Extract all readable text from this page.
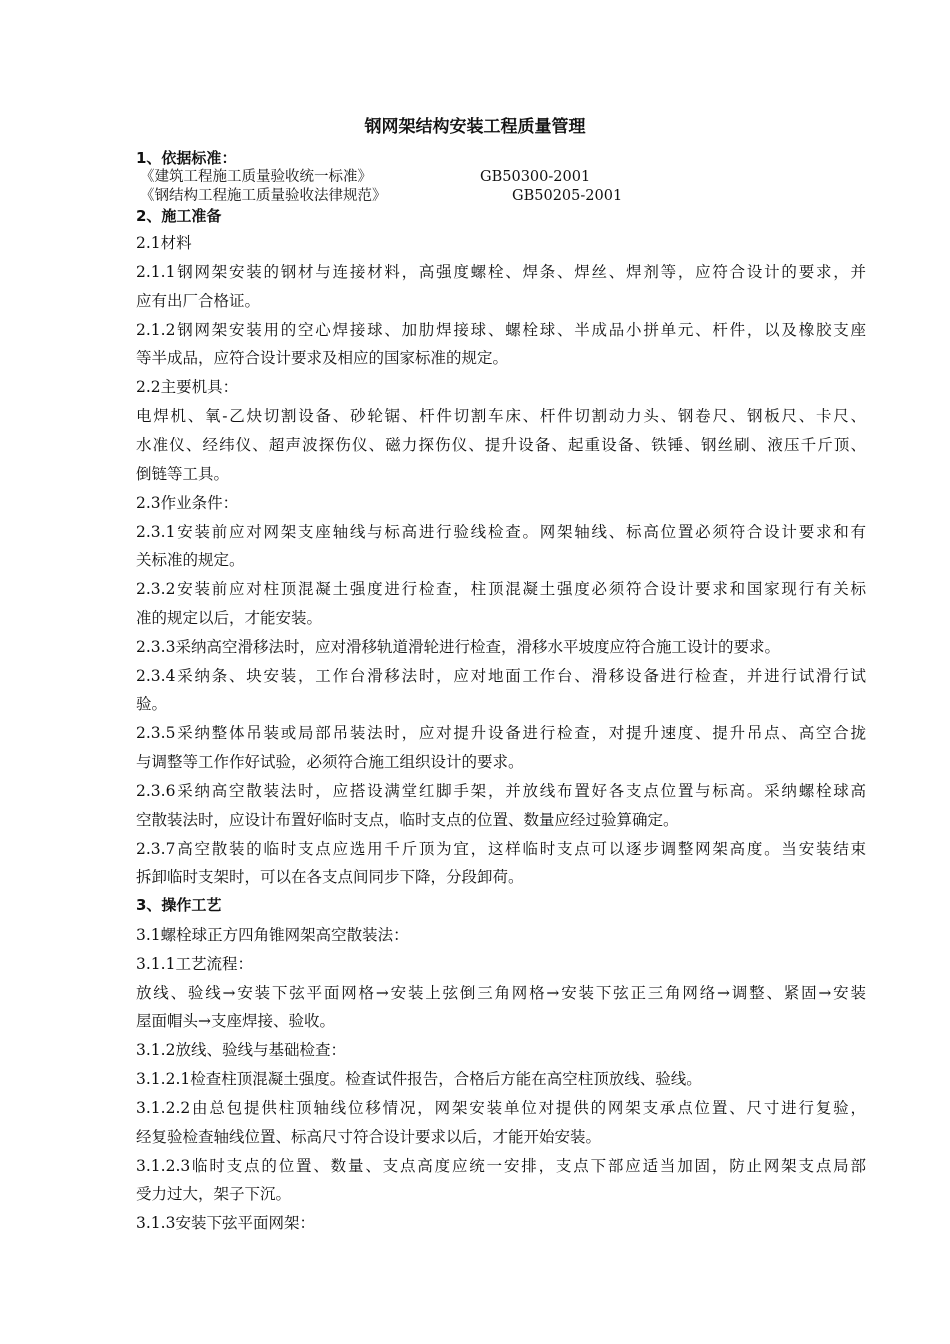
钢网架结构安装工程质量管理

1、依据标准：

《建筑工程施工质量验收统一标准》	GB50300-2001
《钢结构工程施工质量验收法律规范》	GB50205-2001

2、施工准备

2.1材料

2.1.1钢网架安装的钢材与连接材料，高强度螺栓、焊条、焊丝、焊剂等，应符合设计的要求，并

应有出厂合格证。

2.1.2钢网架安装用的空心焊接球、加肋焊接球、螺栓球、半成品小拼单元、杆件，以及橡胶支座

等半成品，应符合设计要求及相应的国家标准的规定。

2.2主要机具：

电焊机、氧-乙炔切割设备、砂轮锯、杆件切割车床、杆件切割动力头、钢卷尺、钢板尺、卡尺、

水准仪、经纬仪、超声波探伤仪、磁力探伤仪、提升设备、起重设备、铁锤、钢丝刷、液压千斤顶、

倒链等工具。

2.3作业条件：

2.3.1安装前应对网架支座轴线与标高进行验线检查。网架轴线、标高位置必须符合设计要求和有

关标准的规定。

2.3.2安装前应对柱顶混凝土强度进行检查，柱顶混凝土强度必须符合设计要求和国家现行有关标

准的规定以后，才能安装。

2.3.3采纳高空滑移法时，应对滑移轨道滑轮进行检查，滑移水平坡度应符合施工设计的要求。

2.3.4采纳条、块安装，工作台滑移法时，应对地面工作台、滑移设备进行检查，并进行试滑行试

验。

2.3.5采纳整体吊装或局部吊装法时，应对提升设备进行检查，对提升速度、提升吊点、高空合拢

与调整等工作作好试验，必须符合施工组织设计的要求。

2.3.6采纳高空散装法时，应搭设满堂红脚手架，并放线布置好各支点位置与标高。采纳螺栓球高

空散装法时，应设计布置好临时支点，临时支点的位置、数量应经过验算确定。

2.3.7高空散装的临时支点应选用千斤顶为宜，这样临时支点可以逐步调整网架高度。当安装结束

拆卸临时支架时，可以在各支点间同步下降，分段卸荷。

3、操作工艺

3.1螺栓球正方四角锥网架高空散装法：

3.1.1工艺流程：

放线、验线→安装下弦平面网格→安装上弦倒三角网格→安装下弦正三角网络→调整、紧固→安装

屋面帽头→支座焊接、验收。

3.1.2放线、验线与基础检查：

3.1.2.1检查柱顶混凝土强度。检查试件报告，合格后方能在高空柱顶放线、验线。

3.1.2.2由总包提供柱顶轴线位移情况，网架安装单位对提供的网架支承点位置、尺寸进行复验，

经复验检查轴线位置、标高尺寸符合设计要求以后，才能开始安装。

3.1.2.3临时支点的位置、数量、支点高度应统一安排，支点下部应适当加固，防止网架支点局部

受力过大，架子下沉。

3.1.3安装下弦平面网架：
